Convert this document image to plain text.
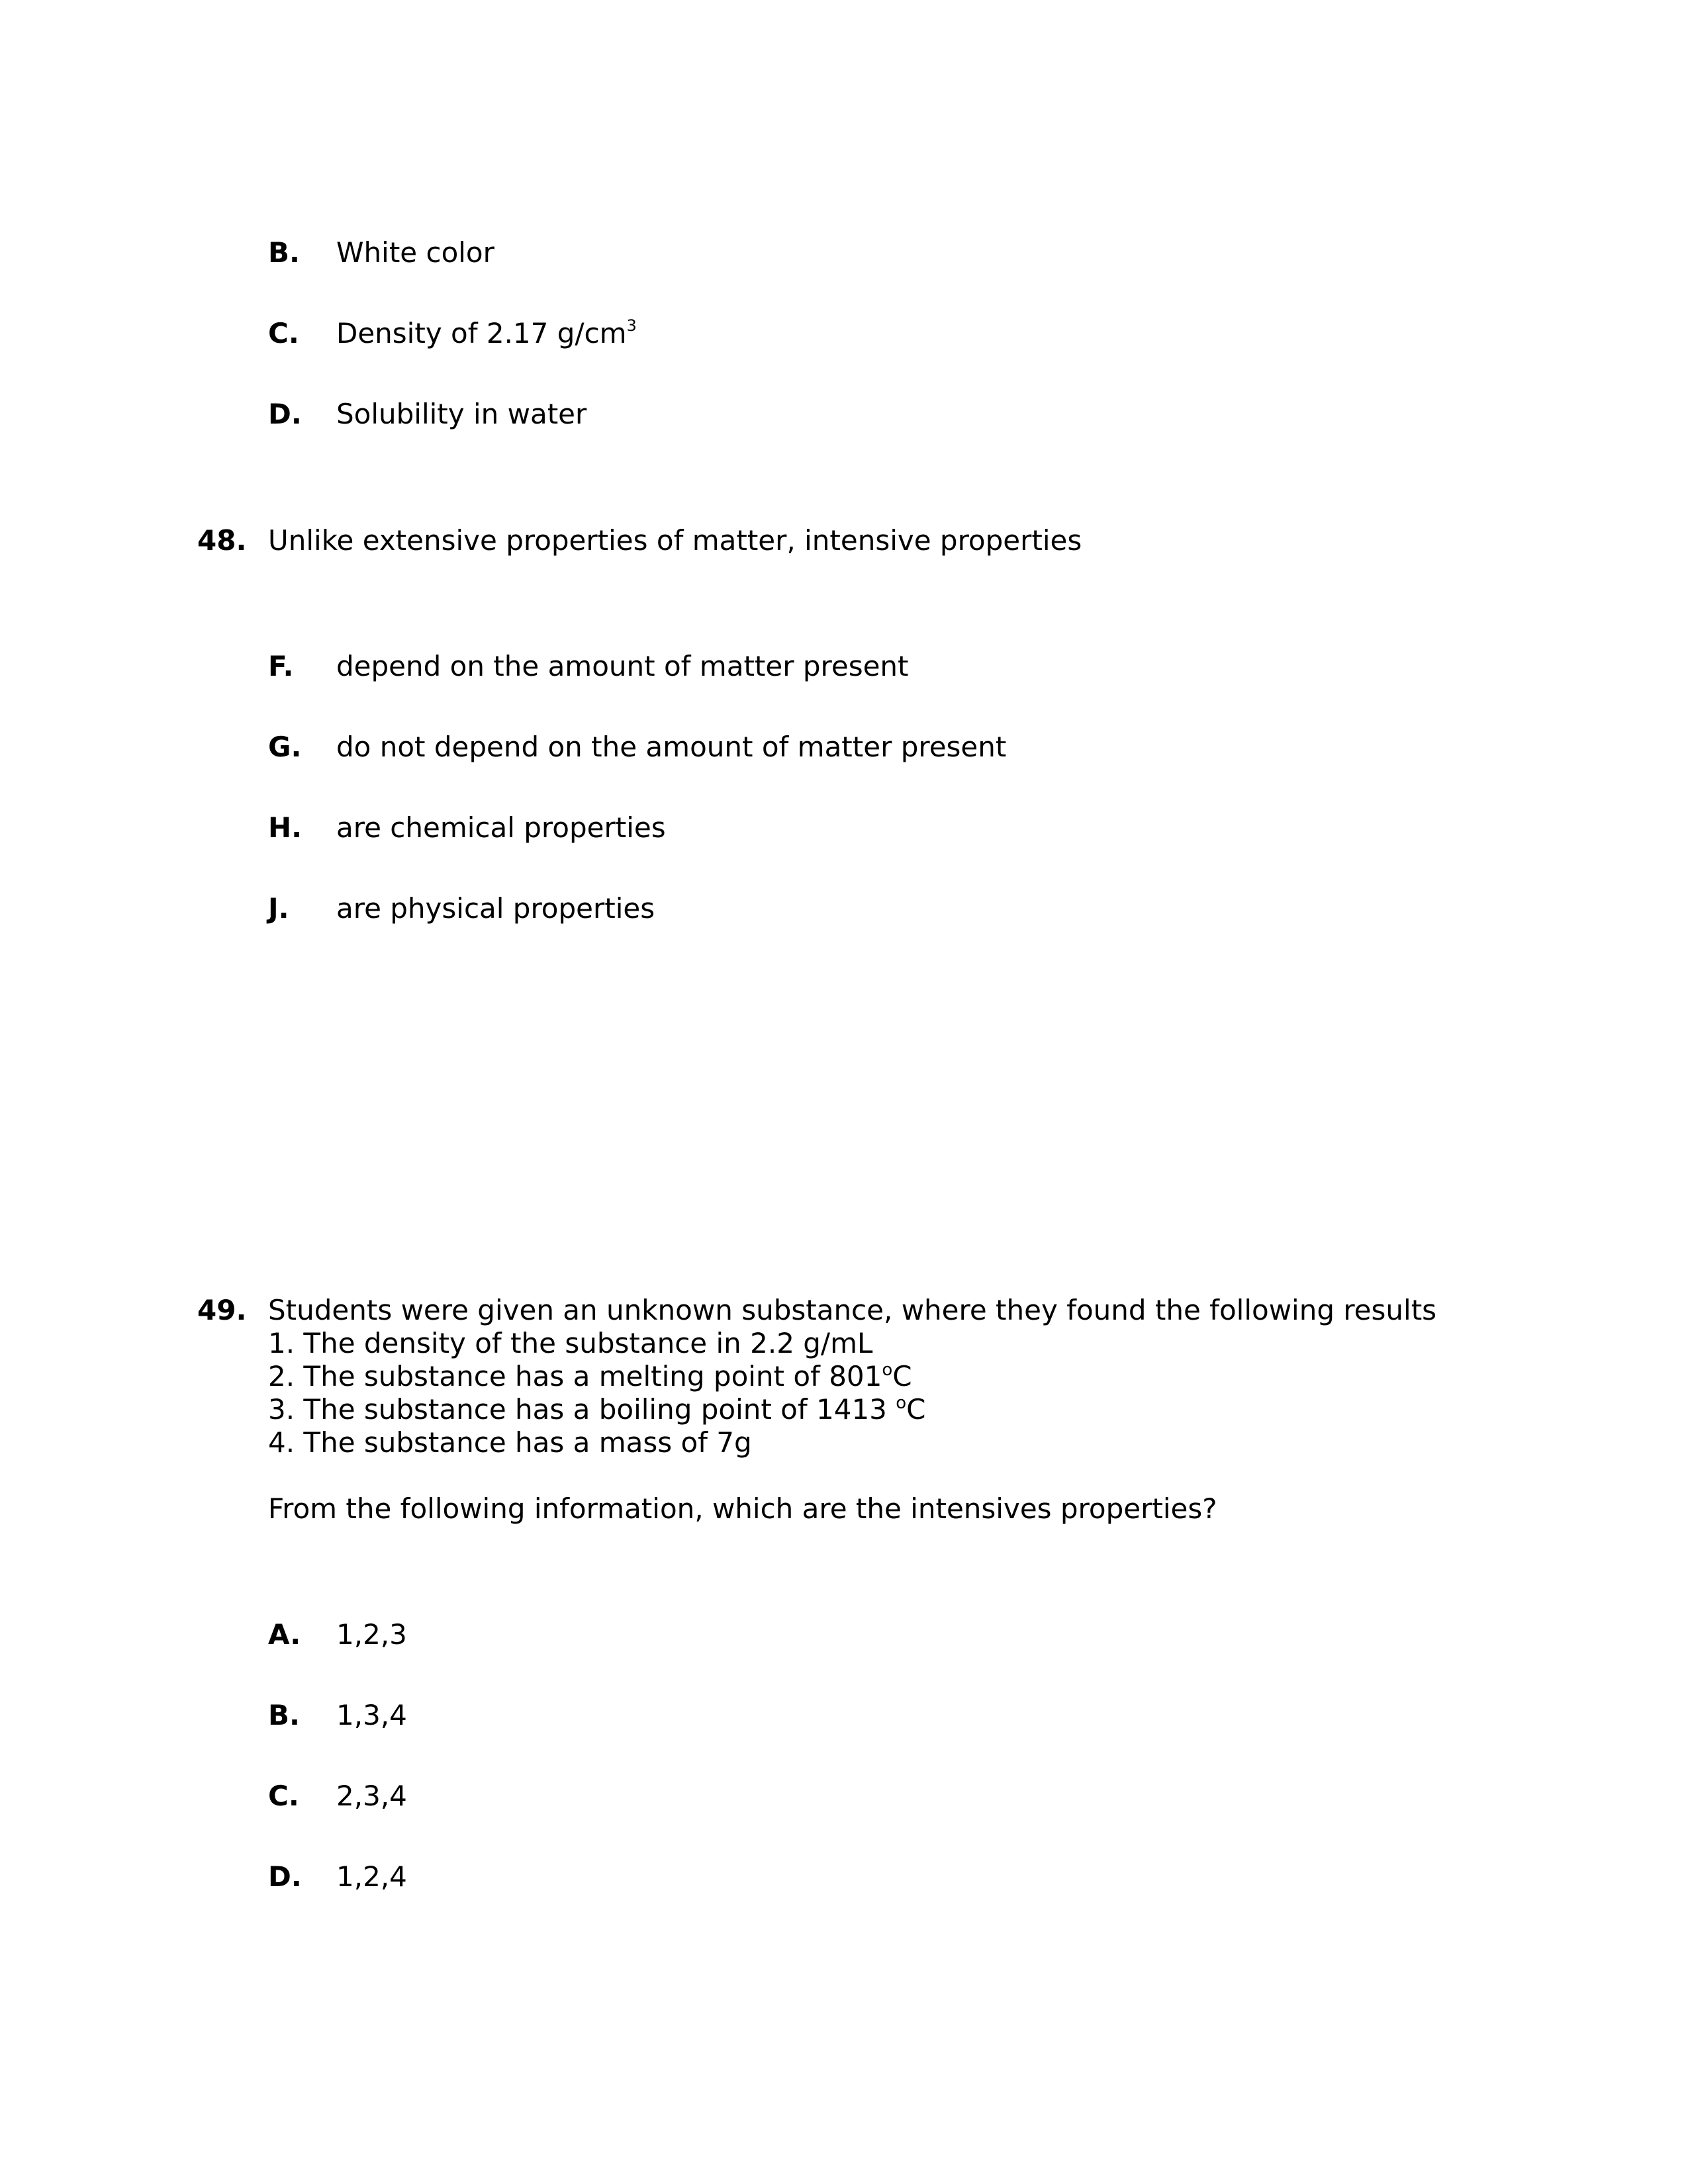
B. White color
C. Density of 2.17 $g/cm^3$
D. Solubility in water
48. Unlike extensive properties of matter, intensive properties
F. depend on the amount of matter present
G. do not depend on the amount of matter present
H. are chemical properties
J. are physical properties
49. Students were given an unknown substance, where they found the following results
1. The density of the substance in 2.2 g/mL
2. The substance has a melting point of 801$^o$C
3. The substance has a boiling point of 1413 $^o$C
4. The substance has a mass of 7g
From the following information, which are the intensives properties?
A. 1,2,3
B. 1,3,4
C. 2,3,4
D. 1,2,4
